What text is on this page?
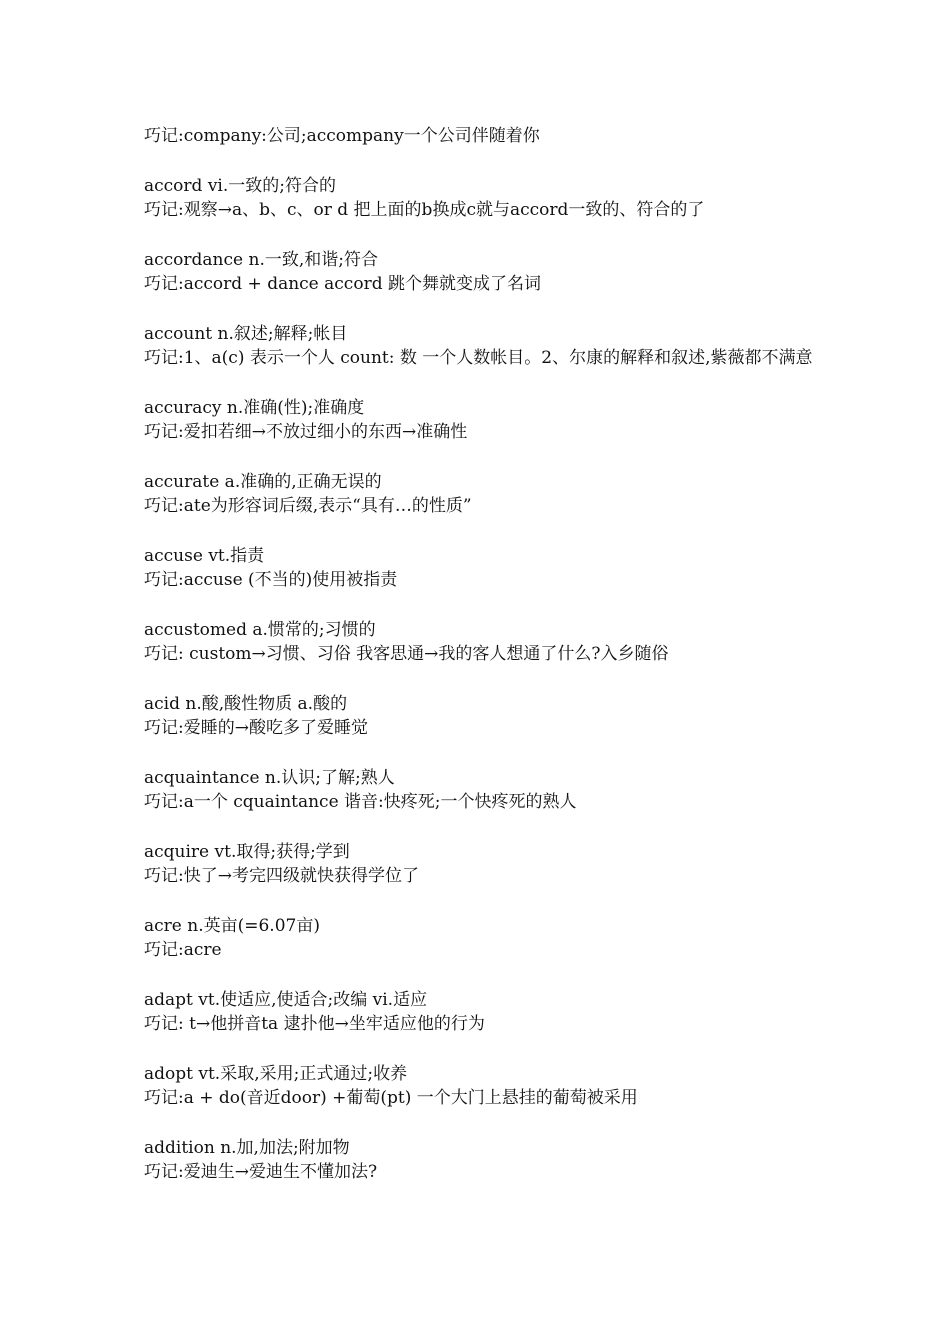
巧记:company:公司;accompany一个公司伴随着你
accord vi.一致的;符合的
巧记:观察→a、b、c、or d 把上面的b换成c就与accord一致的、符合的了
accordance n.一致,和谐;符合
巧记:accord + dance accord 跳个舞就变成了名词
account n.叙述;解释;帐目
巧记:1、a(c) 表示一个人 count: 数 一个人数帐目。2、尔康的解释和叙述,紫薇都不满意
accuracy n.准确(性);准确度
巧记:爱扣若细→不放过细小的东西→准确性
accurate a.准确的,正确无误的
巧记:ate为形容词后缀,表示“具有…的性质”
accuse vt.指责
巧记:accuse (不当的)使用被指责
accustomed a.惯常的;习惯的
巧记: custom→习惯、习俗 我客思通→我的客人想通了什么?入乡随俗
acid n.酸,酸性物质 a.酸的
巧记:爱睡的→酸吃多了爱睡觉
acquaintance n.认识;了解;熟人
巧记:a一个 cquaintance 谐音:快疼死;一个快疼死的熟人
acquire vt.取得;获得;学到
巧记:快了→考完四级就快获得学位了
acre n.英亩(=6.07亩)
巧记:acre
adapt vt.使适应,使适合;改编 vi.适应
巧记: t→他拼音ta 逮扑他→坐牢适应他的行为
adopt vt.采取,采用;正式通过;收养
巧记:a + do(音近door) +葡萄(pt) 一个大门上悬挂的葡萄被采用
addition n.加,加法;附加物
巧记:爱迪生→爱迪生不懂加法?
